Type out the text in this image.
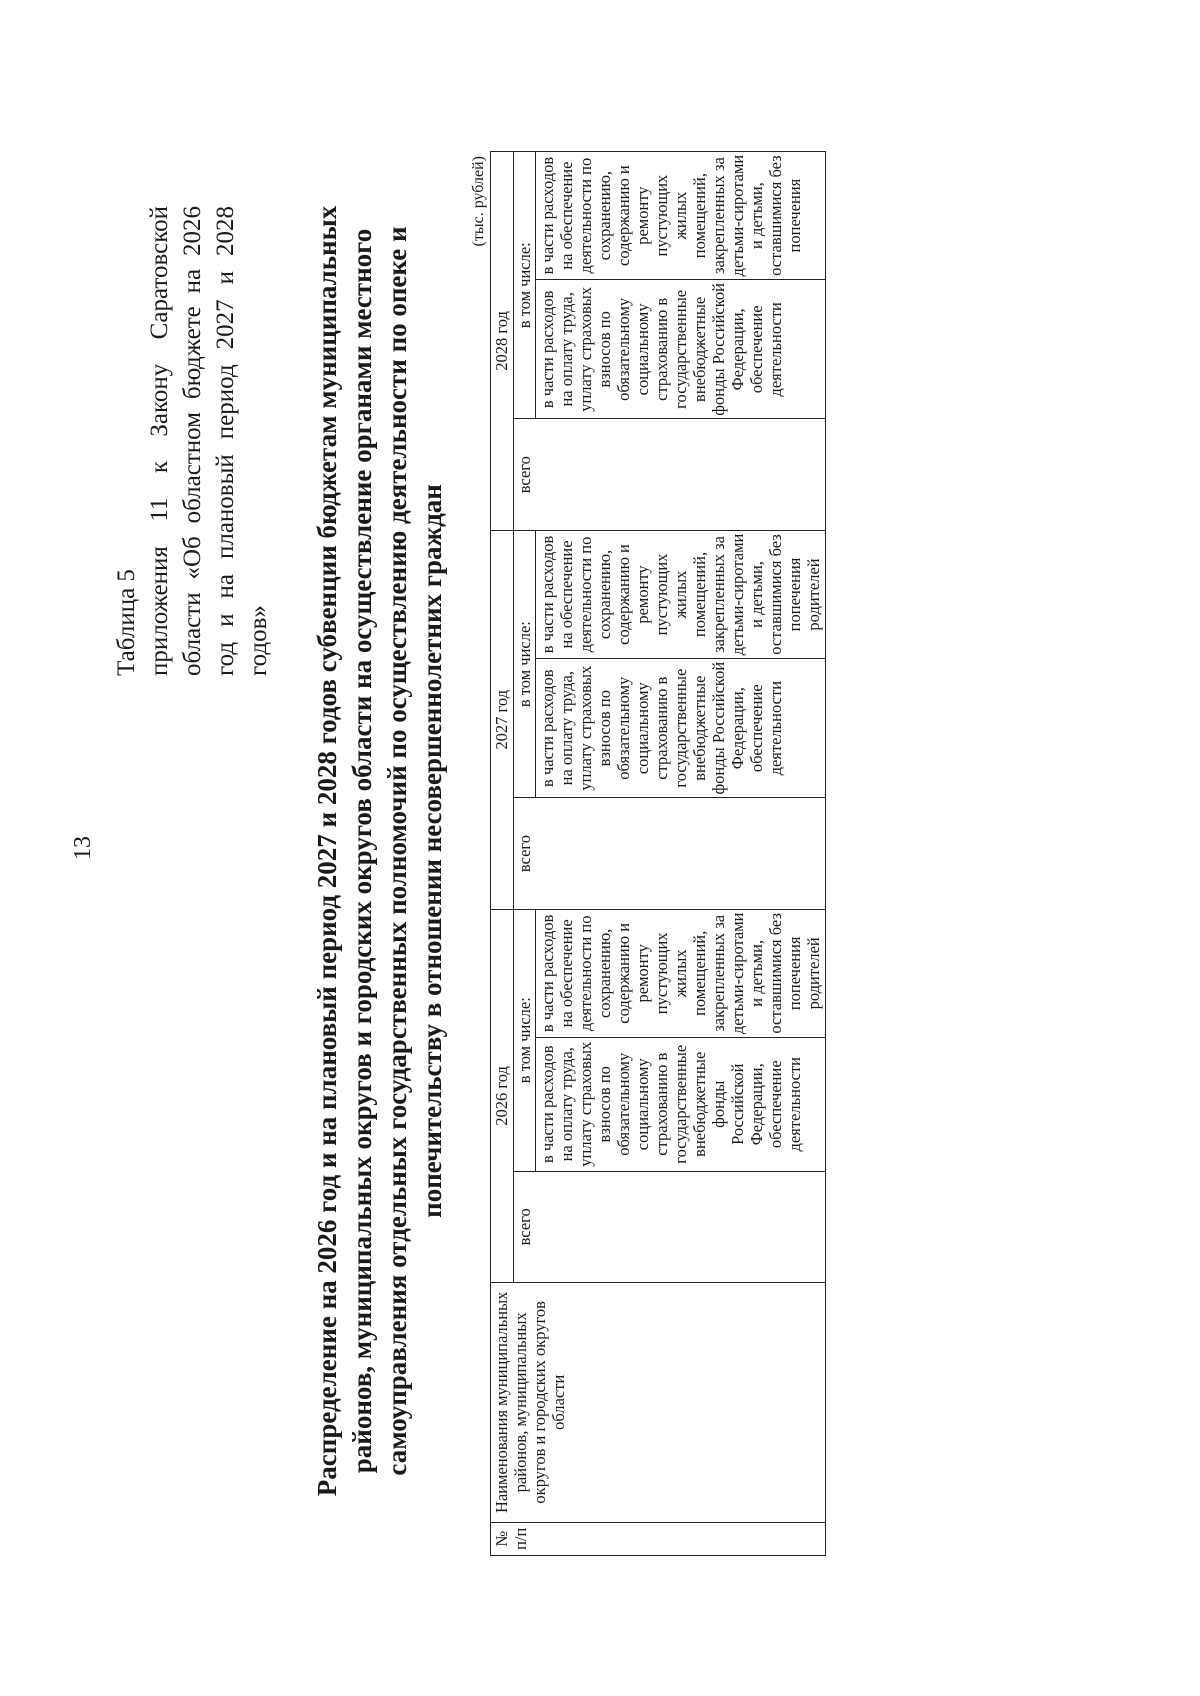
13
Таблица 5 приложения 11 к Закону Саратовской области «Об областном бюджете на 2026 год и на плановый период 2027 и 2028 годов» Распределение на 2026 год и на плановый период 2027 и 2028 годов субвенции бюджетам муниципальных районов, муниципальных округов и городских округов области на осуществление органами местного самоуправления отдельных государственных полномочий по осуществлению деятельности по опеке и попечительству в отношении несовершеннолетних граждан
(тыс. рублей)
№ п/п	Наименования муниципальных районов, муниципальных округов и городских округов области	2026 год			2027 год			2028 год		
		всего	в том числе:		всего	в том числе:		всего	в том числе:	
			в части расходов на оплату труда, уплату страховых взносов по обязательному социальному страхованию в государственные внебюджетные фонды Российской Федерации, обеспечение деятельности	в части расходов на обеспечение деятельности по сохранению, содержанию и ремонту пустующих жилых помещений, закрепленных за детьми-сиротами и детьми, оставшимися без попечения родителей		в части расходов на оплату труда, уплату страховых взносов по обязательному социальному страхованию в государственные внебюджетные фонды Российской Федерации, обеспечение деятельности	в части расходов на обеспечение деятельности по сохранению, содержанию и ремонту пустующих жилых помещений, закрепленных за детьми-сиротами и детьми, оставшимися без попечения родителей		в части расходов на оплату труда, уплату страховых взносов по обязательному социальному страхованию в государственные внебюджетные фонды Российской Федерации, обеспечение деятельности	в части расходов на обеспечение деятельности по сохранению, содержанию и ремонту пустующих жилых помещений, закрепленных за детьми-сиротами и детьми, оставшимися без попечения
